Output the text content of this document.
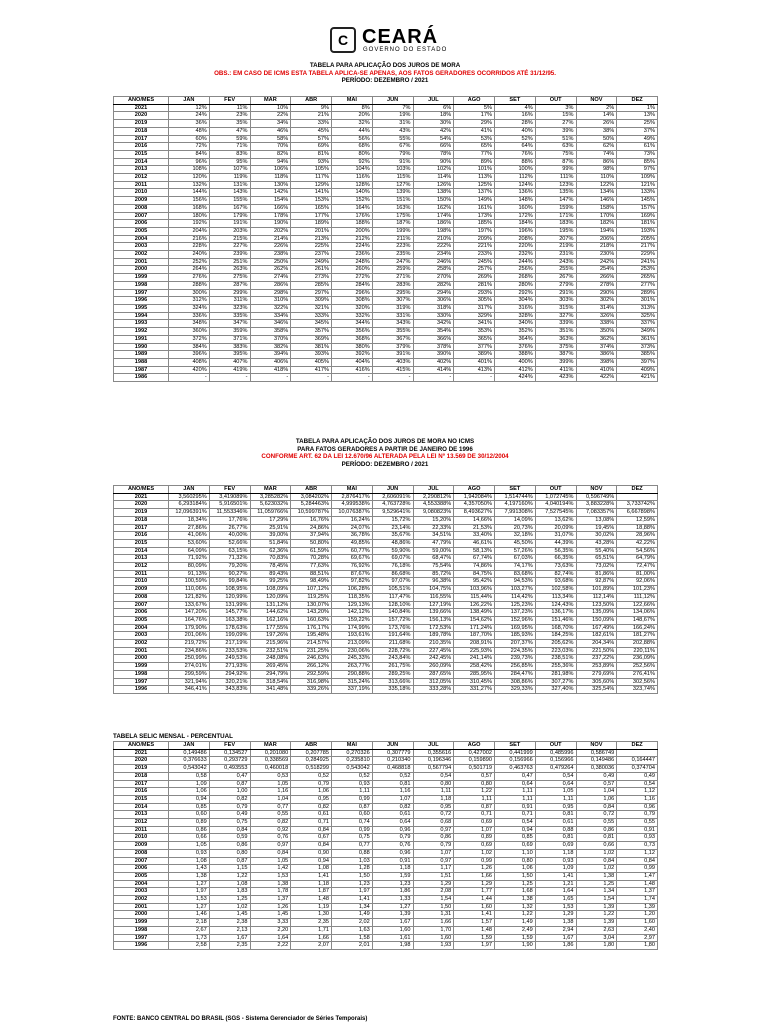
C CEARÁ
GOVERNO DO ESTADO
TABELA PARA APLICAÇÃO DOS JUROS DE MORA
OBS.: EM CASO DE ICMS ESTA TABELA APLICA-SE APENAS, AOS FATOS GERADORES OCORRIDOS ATÉ 31/12/95.
PERÍODO: DEZEMBRO / 2021
ANO/MÊS	JAN	FEV	MAR	ABR	MAI	JUN	JUL	AGO	SET	OUT	NOV	DEZ
2021	12%	11%	10%	9%	8%	7%	6%	5%	4%	3%	2%	1%
2020	24%	23%	22%	21%	20%	19%	18%	17%	16%	15%	14%	13%
2019	36%	35%	34%	33%	32%	31%	30%	29%	28%	27%	26%	25%
2018	48%	47%	46%	45%	44%	43%	42%	41%	40%	39%	38%	37%
2017	60%	59%	58%	57%	56%	55%	54%	53%	52%	51%	50%	49%
2016	72%	71%	70%	69%	68%	67%	66%	65%	64%	63%	62%	61%
2015	84%	83%	82%	81%	80%	79%	78%	77%	76%	75%	74%	73%
2014	96%	95%	94%	93%	92%	91%	90%	89%	88%	87%	86%	85%
2013	108%	107%	106%	105%	104%	103%	102%	101%	100%	99%	98%	97%
2012	120%	119%	118%	117%	116%	115%	114%	113%	112%	111%	110%	109%
2011	132%	131%	130%	129%	128%	127%	126%	125%	124%	123%	122%	121%
2010	144%	143%	142%	141%	140%	139%	138%	137%	136%	135%	134%	133%
2009	156%	155%	154%	153%	152%	151%	150%	149%	148%	147%	146%	145%
2008	168%	167%	166%	165%	164%	163%	162%	161%	160%	159%	158%	157%
2007	180%	179%	178%	177%	176%	175%	174%	173%	172%	171%	170%	169%
2006	192%	191%	190%	189%	188%	187%	186%	185%	184%	183%	182%	181%
2005	204%	203%	202%	201%	200%	199%	198%	197%	196%	195%	194%	193%
2004	216%	215%	214%	213%	212%	211%	210%	209%	208%	207%	206%	205%
2003	228%	227%	226%	225%	224%	223%	222%	221%	220%	219%	218%	217%
2002	240%	239%	238%	237%	236%	235%	234%	233%	232%	231%	230%	229%
2001	252%	251%	250%	249%	248%	247%	246%	245%	244%	243%	242%	241%
2000	264%	263%	262%	261%	260%	259%	258%	257%	256%	255%	254%	253%
1999	276%	275%	274%	273%	272%	271%	270%	269%	268%	267%	266%	265%
1998	288%	287%	286%	285%	284%	283%	282%	281%	280%	279%	278%	277%
1997	300%	299%	298%	297%	296%	295%	294%	293%	292%	291%	290%	289%
1996	312%	311%	310%	309%	308%	307%	306%	305%	304%	303%	302%	301%
1995	324%	323%	322%	321%	320%	319%	318%	317%	316%	315%	314%	313%
1994	336%	335%	334%	333%	332%	331%	330%	329%	328%	327%	326%	325%
1993	348%	347%	346%	345%	344%	343%	342%	341%	340%	339%	338%	337%
1992	360%	359%	358%	357%	356%	355%	354%	353%	352%	351%	350%	349%
1991	372%	371%	370%	369%	368%	367%	366%	365%	364%	363%	362%	361%
1990	384%	383%	382%	381%	380%	379%	378%	377%	376%	375%	374%	373%
1989	396%	395%	394%	393%	392%	391%	390%	389%	388%	387%	386%	385%
1988	408%	407%	406%	405%	404%	403%	402%	401%	400%	399%	398%	397%
1987	420%	419%	418%	417%	416%	415%	414%	413%	412%	411%	410%	409%
1986	-	-	-	-	-	-	-	-	424%	423%	422%	421%
TABELA PARA APLICAÇÃO DOS JUROS DE MORA NO ICMS
PARA FATOS GERADORES A PARTIR DE JANEIRO DE 1996
CONFORME ART. 62 DA LEI 12.670/96 ALTERADA PELA LEI Nº 13.569 DE 30/12/2004
PERÍODO: DEZEMBRO / 2021
ANO/MÊS	JAN	FEV	MAR	ABR	MAI	JUN	JUL	AGO	SET	OUT	NOV	DEZ
2021	3,560295%	3,419089%	3,285282%	3,084202%	2,876417%	2,606091%	2,290812%	1,942084%	1,514744%	1,072745%	0,596749%	
2020	6,293184%	5,916501%	5,623032%	5,284463%	4,999538%	4,763728%	4,553388%	4,357050%	4,197160%	4,040194%	3,883228%	3,733742%
2019	12,096391%	11,553346%	11,059766%	10,599787%	10,076387%	9,529641%	9,080823%	8,493627%	7,991308%	7,527545%	7,083357%	6,667898%
2018	18,34%	17,76%	17,29%	16,76%	16,24%	15,72%	15,20%	14,66%	14,09%	13,62%	13,08%	12,59%
2017	27,86%	26,77%	25,91%	24,86%	24,07%	23,14%	22,33%	21,53%	20,73%	20,09%	19,45%	18,88%
2016	41,06%	40,00%	39,00%	37,94%	36,78%	35,67%	34,51%	33,40%	32,18%	31,07%	30,02%	28,96%
2015	53,60%	52,66%	51,84%	50,80%	49,85%	48,86%	47,79%	46,61%	45,50%	44,39%	43,28%	42,22%
2014	64,09%	63,15%	62,36%	61,59%	60,77%	59,90%	59,00%	58,13%	57,26%	56,35%	55,40%	54,56%
2013	71,92%	71,32%	70,83%	70,28%	69,67%	69,07%	68,47%	67,74%	67,03%	66,35%	65,51%	64,79%
2012	80,09%	79,20%	78,45%	77,63%	76,92%	76,18%	75,54%	74,86%	74,17%	73,63%	73,02%	72,47%
2011	91,13%	90,27%	89,43%	88,51%	87,67%	86,68%	85,72%	84,75%	83,68%	82,74%	81,86%	81,00%
2010	100,59%	99,84%	99,25%	98,49%	97,82%	97,07%	96,38%	95,42%	94,53%	93,68%	92,87%	92,06%
2009	110,06%	108,95%	108,09%	107,12%	106,28%	105,51%	104,75%	103,96%	103,27%	102,58%	101,89%	101,23%
2008	121,82%	120,99%	120,09%	119,25%	118,35%	117,47%	116,55%	115,44%	114,42%	113,34%	112,14%	111,12%
2007	133,67%	131,99%	131,12%	130,07%	129,13%	128,10%	127,19%	126,22%	125,23%	124,43%	123,50%	122,66%
2006	147,20%	145,77%	144,62%	143,20%	142,12%	140,84%	139,66%	138,49%	137,23%	136,17%	135,09%	134,06%
2005	164,76%	163,38%	162,16%	160,63%	159,22%	157,72%	156,13%	154,62%	152,96%	151,46%	150,09%	148,67%
2004	179,90%	178,63%	177,55%	176,17%	174,99%	173,76%	172,53%	171,24%	169,95%	168,70%	167,49%	166,24%
2003	201,06%	199,09%	197,26%	195,48%	193,61%	191,64%	189,78%	187,70%	185,93%	184,25%	182,61%	181,27%
2002	219,72%	217,19%	215,96%	214,57%	213,09%	211,68%	210,35%	208,91%	207,37%	205,62%	204,34%	202,88%
2001	234,86%	233,53%	232,51%	231,25%	230,06%	228,72%	227,45%	225,93%	224,35%	223,03%	221,50%	220,11%
2000	250,99%	249,53%	248,08%	246,63%	245,33%	243,84%	242,45%	241,14%	239,73%	238,51%	237,22%	236,09%
1999	274,01%	271,93%	269,45%	266,12%	263,77%	261,75%	260,09%	258,42%	256,85%	255,36%	253,89%	252,56%
1998	299,59%	294,92%	294,79%	292,59%	290,88%	289,25%	287,65%	285,95%	284,47%	281,98%	279,69%	276,41%
1997	321,94%	320,21%	318,54%	316,98%	315,24%	313,66%	312,05%	310,45%	308,86%	307,27%	305,60%	302,56%
1996	346,41%	343,83%	341,48%	339,26%	337,19%	335,18%	333,28%	331,27%	329,33%	327,40%	325,54%	323,74%
TABELA SELIC MENSAL - PERCENTUAL
ANO/MÊS	JAN	FEV	MAR	ABR	MAI	JUN	JUL	AGO	SET	OUT	NOV	DEZ
2021	0,149486	0,134527	0,201080	0,207785	0,270326	0,307779	0,355616	0,427002	0,441999	0,485996	0,586749	
2020	0,376633	0,293729	0,338569	0,284925	0,235810	0,210340	0,196346	0,159890	0,156966	0,156966	0,149486	0,164447
2019	0,543042	0,493553	0,460018	0,518299	0,543042	0,468818	0,567794	0,501719	0,463763	0,479264	0,380036	0,374704
2018	0,58	0,47	0,53	0,52	0,52	0,52	0,54	0,57	0,47	0,54	0,49	0,49
2017	1,09	0,87	1,05	0,79	0,93	0,81	0,80	0,80	0,64	0,64	0,57	0,54
2016	1,06	1,00	1,16	1,06	1,11	1,16	1,11	1,22	1,11	1,05	1,04	1,12
2015	0,94	0,82	1,04	0,95	0,99	1,07	1,18	1,11	1,11	1,11	1,06	1,16
2014	0,85	0,79	0,77	0,82	0,87	0,82	0,95	0,87	0,91	0,95	0,84	0,96
2013	0,60	0,49	0,55	0,61	0,60	0,61	0,72	0,71	0,71	0,81	0,72	0,79
2012	0,89	0,75	0,82	0,71	0,74	0,64	0,68	0,69	0,54	0,61	0,55	0,55
2011	0,86	0,84	0,92	0,84	0,99	0,96	0,97	1,07	0,94	0,88	0,86	0,91
2010	0,66	0,59	0,76	0,67	0,75	0,79	0,86	0,89	0,85	0,81	0,81	0,93
2009	1,05	0,86	0,97	0,84	0,77	0,76	0,79	0,69	0,69	0,69	0,66	0,73
2008	0,93	0,80	0,84	0,90	0,88	0,96	1,07	1,02	1,10	1,18	1,02	1,12
2007	1,08	0,87	1,05	0,94	1,03	0,91	0,97	0,99	0,80	0,93	0,84	0,84
2006	1,43	1,15	1,42	1,08	1,28	1,18	1,17	1,26	1,06	1,09	1,02	0,99
2005	1,38	1,22	1,53	1,41	1,50	1,59	1,51	1,66	1,50	1,41	1,38	1,47
2004	1,27	1,08	1,38	1,18	1,23	1,23	1,29	1,29	1,25	1,21	1,25	1,48
2003	1,97	1,83	1,78	1,87	1,97	1,86	2,08	1,77	1,68	1,64	1,34	1,37
2002	1,53	1,25	1,37	1,48	1,41	1,33	1,54	1,44	1,38	1,65	1,54	1,74
2001	1,27	1,02	1,26	1,19	1,34	1,27	1,50	1,60	1,32	1,53	1,39	1,39
2000	1,46	1,45	1,45	1,30	1,49	1,39	1,31	1,41	1,22	1,29	1,22	1,20
1999	2,18	2,38	3,33	2,35	2,02	1,67	1,66	1,57	1,49	1,38	1,39	1,60
1998	2,67	2,13	2,20	1,71	1,63	1,60	1,70	1,48	2,49	2,94	2,63	2,40
1997	1,73	1,67	1,64	1,66	1,58	1,61	1,60	1,59	1,59	1,67	3,04	2,97
1996	2,58	2,35	2,22	2,07	2,01	1,98	1,93	1,97	1,90	1,86	1,80	1,80
FONTE: BANCO CENTRAL DO BRASIL (SGS - Sistema Gerenciador de Séries Temporais)
